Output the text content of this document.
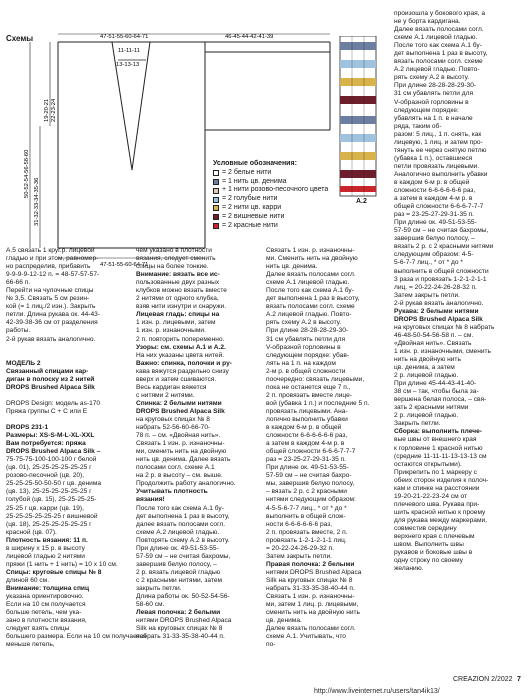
Схемы	47-51-55-60-64-71	46-45-44-42-41-39
11-11-11
13-13-13
47-51-55-60-64-71
19-20-21 22-23-24
50-52-54-56-58-60
31-32-33-34-35-36
Условные обозначения:
= 2 белые нити
= 1 нить цв. денима
+ 1 нити розово-песочного цвета
= 2 голубые нити
= 2 нити цв. карри
= 2 вишневые нити
= 2 красные нити
A.2
A.5 связать 1 круг.р. лицевой
гладью и при этом, равномер-
но распределив, прибавить
9-9-9-9-12-12 п. = 48-57-57-57-
66-66 п.
Перейти на чулочные спицы
№ 3,5. Связать 5 см резин-
кой (= 1 лиц./2 изн.). Закрыть
петли. Длина рукава ок. 44-43-
42-39-38-36 см от разделения
работы.
2-й рукав вязать аналогично.

МОДЕЛЬ 2
Связанный спицами кар-
диган в полоску из 2 нитей
DROPS Brushed Alpaca Silk

DROPS Design: модель as-170
Пряжа группы C + C или E

DROPS 231-1
Размеры: XS-S-M-L-XL-XXL
Вам потребуется: пряжа
DROPS Brushed Alpaca Silk –
75-75-75-100-100-100 г белой
(цв. 01), 25-25-25-25-25-25 г
розово-песочной (цв. 20),
25-25-25-50-50-50 г цв. денима
(цв. 13), 25-25-25-25-25-25 г
голубой (цв. 15), 25-25-25-25-
25-25 г цв. карри (цв. 19),
25-25-25-25-25-25 г вишневой
(цв. 18), 25-25-25-25-25-25 г
красной (цв. 07).
Плотность вязания: 11 п.
в ширину х 15 р. в высоту
лицевой гладью 2 нитями
пряжи (1 нить + 1 нить) = 10 х 10 см.
Спицы: круговые спицы № 8
длиной 60 см.
Внимание: толщина спиц
указана ориентировочно.
Если на 10 см получается
больше петель, чем ука-
зано в плотности вязания,
следует взять спицы
большего размера. Если на 10 см получается
меньше петель,
чем указано в плотности
вязания, следует сменить
спицы на более тонкие.
Внимание: вязать все ис-
пользованные двух разных
клубков можно вязать вместе
2 нитями от одного клубка,
взяв нити изнутри и снаружи.
Лицевая гладь: спицы на
1 изн. р. лицевыми, затем
1 изн. р. изнаночными.
2 п. повторить попеременно.
Узоры: см. схемы A.1 и A.2.
На них указаны цвета нитей.
Важно: спинка, полочки и ру-
кава вяжутся раздельно снизу
вверх и затем сшиваются.
Весь кардиган вяжется
с нитями 2 нитями.
Спинка: 2 белыми нитями
DROPS Brushed Alpaca Silk
на круговых спицах № 8
набрать 52-56-60-66-70-
78 п. – см. «Двойная нить».
Связать 1 изн. р. изнаночны-
ми, сменить нить на двойную
нить цв. денима. Далее вязать
полосами согл. схеме A.1
на 2 р. в высоту – см. выше.
Продолжить работу аналогично.
Учитывать плотность
вязания!
После того как схема A.1 бу-
дет выполнена 1 раз в высоту,
далее вязать полосами согл.
схеме A.2 лицевой гладью.
Повторять схему A.2 в высоту.
При длине ок. 49-51-53-55-
57-59 см – не считая бахромы,
завершив белую полосу, –
2 р. вязать лицевой гладью
с 2 красными нитями, затем
закрыть петли.
Длина работы ок. 50-52-54-56-
58-60 см.
Левая полочка: 2 белыми
нитями DROPS Brushed Alpaca
Silk на круговых спицах № 8
набрать 31-33-35-38-40-44 п.
Связать 1 изн. р. изнаночны-
ми. Сменить нить на двойную
нить цв. денима.
Далее вязать полосами согл.
схеме A.1 лицевой гладью.
После того как схема A.1 бу-
дет выполнена 1 раз в высоту,
вязать полосами согл. схеме
A.2 лицевой гладью. Повто-
рять схему A.2 в высоту.
При длине 28-28-28-29-30-
31 см убавлять петли для
V-образной горловины в
следующем порядке: убав-
лять на 1 п. на каждом
2-м р. в общей сложности
поочередно: связать лицевыми,
пока не останется еще 7 п.,
2 п. провязать вместе лице-
вой (убавка 1 п.) и последние 5 п.
провязать лицевыми. Ана-
логично выполнить убавки
в каждом 6-м р. в общей
сложности 6-6-6-6-6-6 раз,
а затем в каждом 4-м р. в
общей сложности 6-6-6-7-7-7
раз = 23-25-27-29-31-35 п.
При длине ок. 49-51-53-55-
57-59 см – не считая бахро-
мы, завершив белую полосу,
– вязать 2 р. с 2 красными
нитями следующим образом:
4-5-5-6-7-7 лиц., * от * до *
выполнить в общей слож-
ности 6-6-6-6-6-6 раз,
2 п. провязать вместе, 2 п.
провязать 1-2-1-2-1-1 лиц.
= 20-22-24-26-29-32 п.
Затем закрыть петли.
Правая полочка: 2 белыми
нитями DROPS Brushed Alpaca
Silk на круговых спицах № 8
набрать 31-33-35-38-40-44 п.
Связать 1 изн. р. изнаночны-
ми, затем 1 лиц. р. лицевыми,
сменить нить на двойную нить
цв. денима.
Далее вязать полосами согл.
схеме A.1. Учитывать, что
по-
произошла у бокового края, а
не у борта кардигана.
Далее вязать полосами согл.
схеме A.1 лицевой гладью.
После того как схема A.1 бу-
дет выполнена 1 раз в высоту,
вязать полосами согл. схеме
A.2 лицевой гладью. Повто-
рять схему A.2 в высоту.
При длине 28-28-28-29-30-
31 см убавлять петли для
V-образной горловины в
следующем порядке:
убавлять на 1 п. в начале
ряда, таким об-
разом: 5 лиц., 1 п. снять, как
лицевую, 1 лиц. и затем про-
тянуть ее через снятую петлю
(убавка 1 п.), оставшиеся
петли провязать лицевыми.
Аналогично выполнить убавки
в каждом 6-м р. в общей
сложности 6-6-6-6-6-6 раз,
а затем в каждом 4-м р. в
общей сложности 6-6-6-7-7-7
раз = 23-25-27-29-31-35 п.
При длине ок. 49-51-53-55-
57-59 см – не считая бахромы,
завершив белую полосу, –
вязать 2 р. с 2 красными нитями
следующим образом: 4-5-
5-6-7-7 лиц., * от * до *
выполнить в общей сложности
3 раза и провязать 1-2-1-2-1-1
лиц. = 20-22-24-26-28-32 п.
Затем закрыть петли.
2-й рукав вязать аналогично.
Рукава: 2 белыми нитями
DROPS Brushed Alpaca Silk
на круговых спицах № 8 набрать
46-48-50-54-56-58 п. – см.
«Двойная нить». Связать
1 изн. р. изнаночными, сменить
нить на двойную нить
цв. денима, а затем
2 р. лицевой гладью.
При длине 45-44-43-41-40-
38 см – так, чтобы была за-
вершена белая полоса, – свя-
зать 2 красными нитями
2 р. лицевой гладью.
Закрыть петли.
Сборка: выполнить плече-
вые швы от внешнего края
к горловине 1 красной нитью
(средние 11-11-11-13-13-13 см
остаются открытыми).
Прикрепить по 1 маркеру с
обеих сторон изделия к полоч-
кам и спинке на расстоянии
19-20-21-22-23-24 см от
плечевого шва. Рукава при-
шить красной нитью к проему
для рукава между маркерами,
совместив середину
верхнего края с плечевым
швом. Выполнить швы
рукавов и боковые швы в
одну строку по своему
желанию.
CREAZION 2/2022 7
http://www.liveinternet.ru/users/tan4ik13/
